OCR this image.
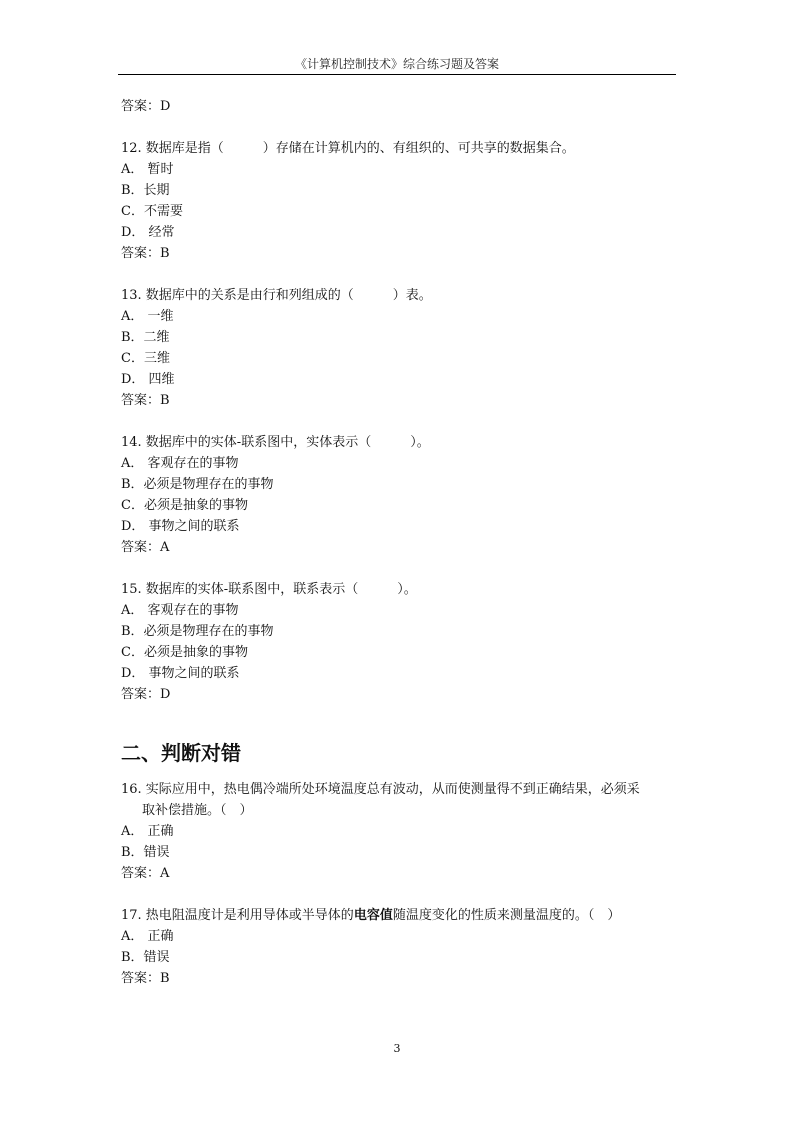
《计算机控制技术》综合练习题及答案
答案：D
12. 数据库是指（　　　）存储在计算机内的、有组织的、可共享的数据集合。
A． 暂时
B．长期
C．不需要
D． 经常
答案：B
13. 数据库中的关系是由行和列组成的（　　　）表。
A． 一维
B．二维
C．三维
D． 四维
答案：B
14. 数据库中的实体-联系图中，实体表示（　　　）。
A． 客观存在的事物
B．必须是物理存在的事物
C．必须是抽象的事物
D． 事物之间的联系
答案：A
15. 数据库的实体-联系图中，联系表示（　　　）。
A． 客观存在的事物
B．必须是物理存在的事物
C．必须是抽象的事物
D． 事物之间的联系
答案：D
二、判断对错
16. 实际应用中，热电偶冷端所处环境温度总有波动，从而使测量得不到正确结果，必须采
取补偿措施。（　）
A． 正确
B．错误
答案：A
17. 热电阻温度计是利用导体或半导体的电容值随温度变化的性质来测量温度的。（　）
A． 正确
B．错误
答案：B
3
